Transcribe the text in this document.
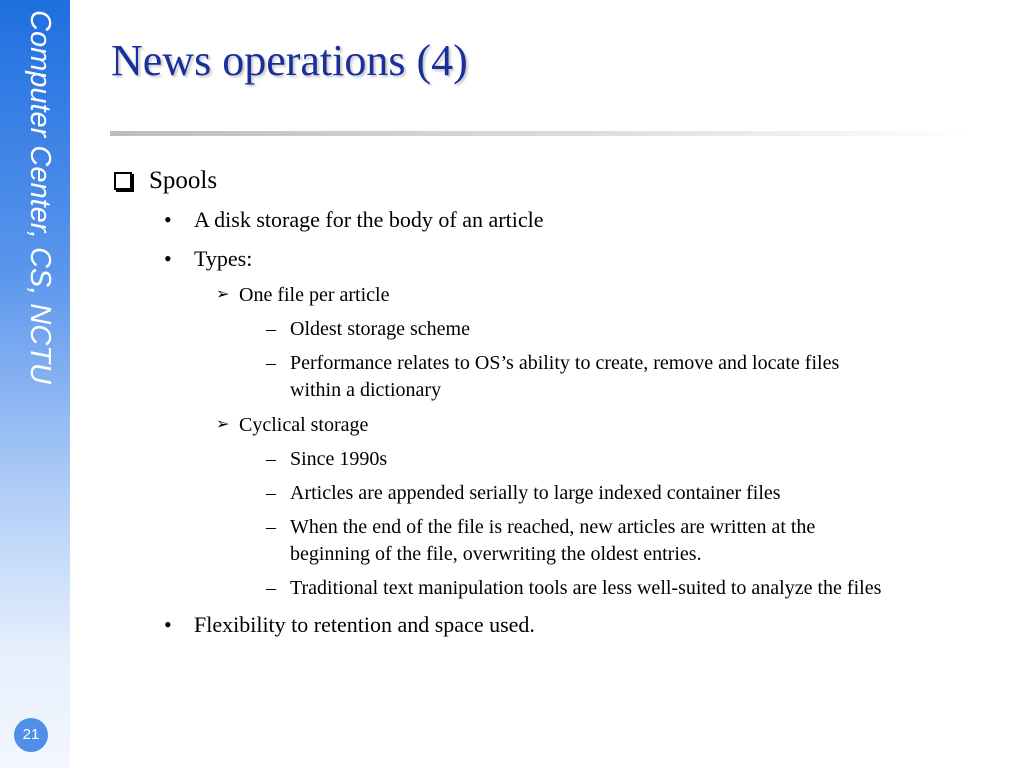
Computer Center, CS, NCTU
21
News operations (4)
Spools
• A disk storage for the body of an article
• Types:
➢ One file per article
– Oldest storage scheme
– Performance relates to OS’s ability to create, remove and locate files
within a dictionary
➢ Cyclical storage
– Since 1990s
– Articles are appended serially to large indexed container files
– When the end of the file is reached, new articles are written at the
beginning of the file, overwriting the oldest entries.
– Traditional text manipulation tools are less well-suited to analyze the files
• Flexibility to retention and space used.
